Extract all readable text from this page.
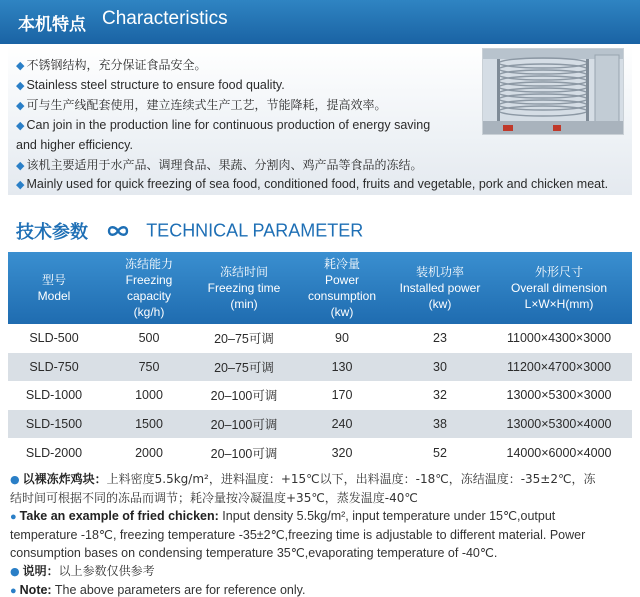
本机特点 Characteristics
◆ 不锈钢结构，充分保证食品安全。
◆ Stainless steel structure to ensure food quality.
◆ 可与生产线配套使用，建立连续式生产工艺，节能降耗，提高效率。
◆ Can join in the production line for continuous production of energy saving
and higher efficiency.
◆ 该机主要适用于水产品、调理食品、果蔬、分割肉、鸡产品等食品的冻结。
◆ Mainly used for quick freezing of sea food, conditioned food, fruits and vegetable, pork and chicken meat.
技术参数	TECHNICAL PARAMETER
型号
Model	冻结能力
Freezing capacity
(kg/h)	冻结时间
Freezing time
(min)	耗冷量
Power consumption
(kw)	装机功率
Installed power
(kw)	外形尺寸
Overall dimension
L×W×H(mm)

SLD-500	500	20–75可调	90	23	11000×4300×3000
SLD-750	750	20–75可调	130	30	11200×4700×3000
SLD-1000	1000	20–100可调	170	32	13000×5300×3000
SLD-1500	1500	20–100可调	240	38	13000×5300×4000
SLD-2000	2000	20–100可调	320	52	14000×6000×4000

● 以裸冻炸鸡块：上料密度5.5kg/m²，进料温度：+15℃以下，出料温度：-18℃，冻结温度：-35±2℃，冻

结时间可根据不同的冻品而调节；耗冷量按冷凝温度+35℃，蒸发温度-40℃

● Take an example of fried chicken: Input density 5.5kg/m², input temperature under 15℃,output

temperature -18℃, freezing temperature -35±2℃,freezing time is adjustable to different material. Power

consumption bases on condensing temperature 35℃,evaporating temperature of -40℃.

● 说明：以上参数仅供参考

● Note: The above parameters are for reference only.
